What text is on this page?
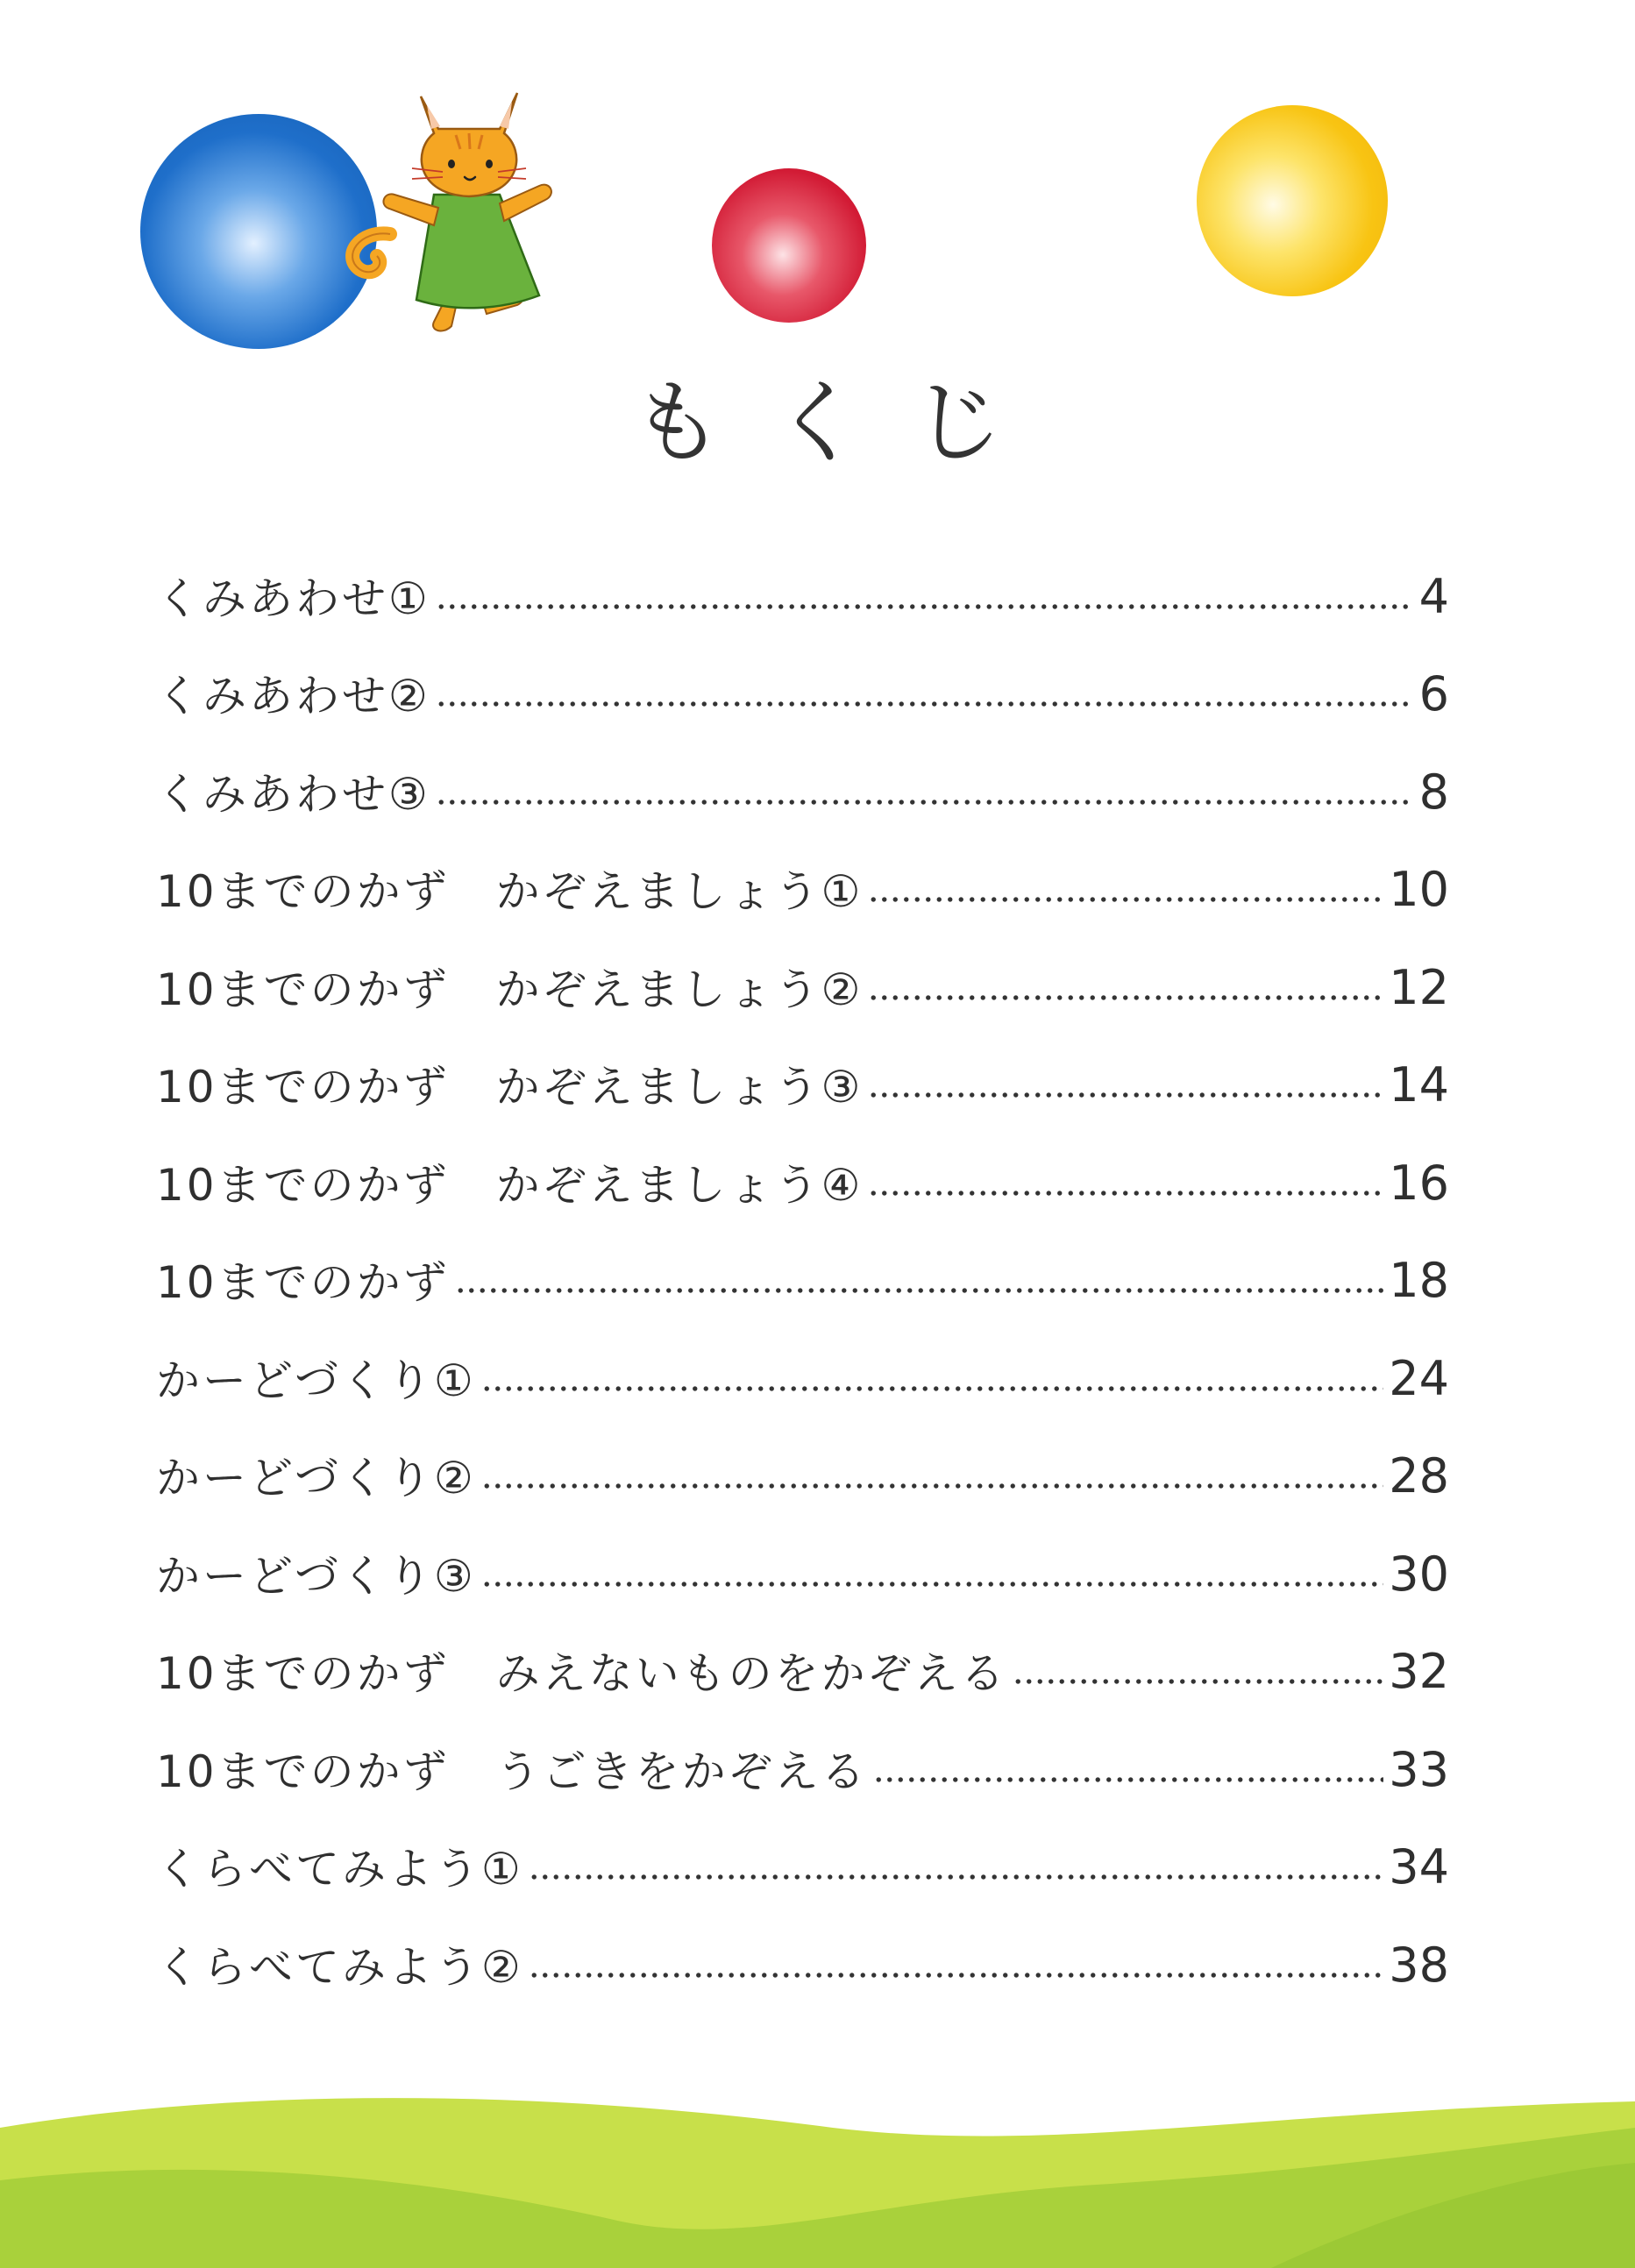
もくじ
くみあわせ①	4
くみあわせ②	6
くみあわせ③	8
10までのかず　かぞえましょう①	10
10までのかず　かぞえましょう②	12
10までのかず　かぞえましょう③	14
10までのかず　かぞえましょう④	16
10までのかず	18
かーどづくり①	24
かーどづくり②	28
かーどづくり③	30
10までのかず　みえないものをかぞえる	32
10までのかず　うごきをかぞえる	33
くらべてみよう①	34
くらべてみよう②	38
